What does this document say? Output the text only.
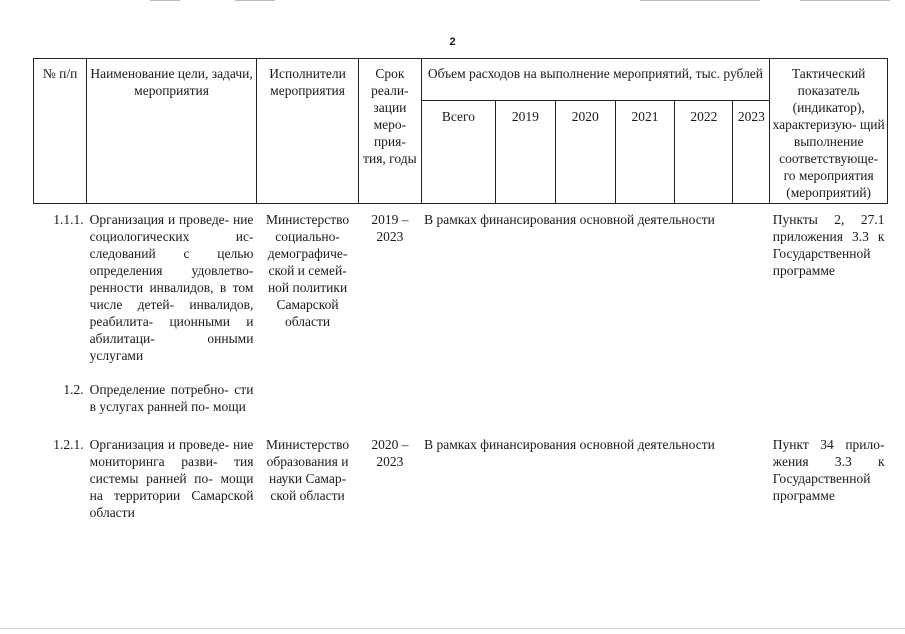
2
№ п/п	Наименование цели, задачи, мероприятия	Исполнители мероприятия	Срок реали- зации меро- прия- тия, годы	Объем расходов на выполнение мероприятий, тыс. рублей						Тактический показатель (индикатор), характеризую- щий выполнение соответствующе- го мероприятия (мероприятий)
				Всего	2019	2020	2021	2022	2023	
1.1.1.	Организация и проведе- ние социологических ис- следований с целью определения удовлетво- ренности инвалидов, в том числе детей- инвалидов, реабилита- ционными и абилитаци- онными услугами	Министерство социально- демографиче- ской и семей- ной политики Самарской области	2019 – 2023	В рамках финансирования основной деятельности						Пункты 2, 27.1 приложения 3.3 к Государственной программе
1.2.	Определение потребно- сти в услугах ранней по- мощи									
1.2.1.	Организация и проведе- ние мониторинга разви- тия системы ранней по- мощи на территории Самарской области	Министерство образования и науки Самар- ской области	2020 – 2023	В рамках финансирования основной деятельности						Пункт 34 прило- жения 3.3 к Государственной программе
